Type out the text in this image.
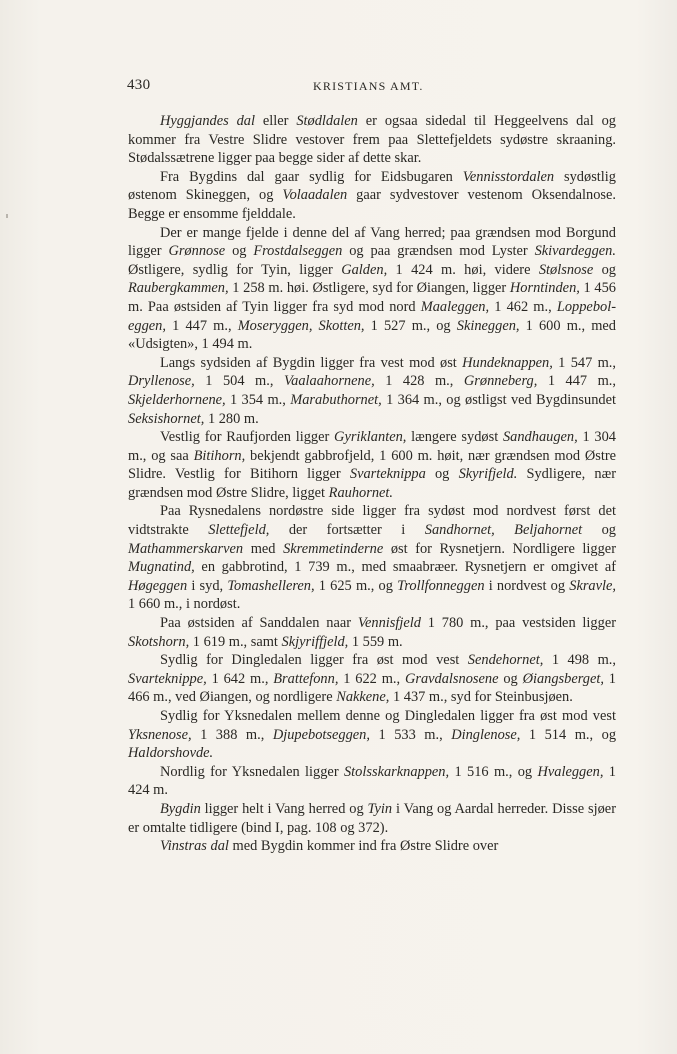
430	KRISTIANS AMT.

Hyggjandes dal eller Stødldalen er ogsaa sidedal til Heggeelvens dal og kommer fra Vestre Slidre vestover frem paa Slettefjeldets sydøstre skraaning. Stødalssætrene ligger paa begge sider af dette skar.

Fra Bygdins dal gaar sydlig for Eidsbugaren Vennisstordalen sydøstlig østenom Skineggen, og Volaadalen gaar sydvestover vestenom Oksendalnose. Begge er ensomme fjelddale.

Der er mange fjelde i denne del af Vang herred; paa grændsen mod Borgund ligger Grønnose og Frostdalseggen og paa grændsen mod Lyster Skivardeggen. Østligere, sydlig for Tyin, ligger Galden, 1 424 m. høi, videre Stølsnose og Raubergkammen, 1 258 m. høi. Østligere, syd for Øiangen, ligger Horntinden, 1 456 m. Paa østsiden af Tyin ligger fra syd mod nord Maaleggen, 1 462 m., Loppeboleggen, 1 447 m., Moseryggen, Skotten, 1 527 m., og Skineggen, 1 600 m., med «Udsigten», 1 494 m.

Langs sydsiden af Bygdin ligger fra vest mod øst Hundeknappen, 1 547 m., Dryllenose, 1 504 m., Vaalaahornene, 1 428 m., Grønneberg, 1 447 m., Skjelderhornene, 1 354 m., Marabuthornet, 1 364 m., og østligst ved Bygdinsundet Seksishornet, 1 280 m.

Vestlig for Raufjorden ligger Gyriklanten, længere sydøst Sandhaugen, 1 304 m., og saa Bitihorn, bekjendt gabbrofjeld, 1 600 m. høit, nær grændsen mod Østre Slidre. Vestlig for Bitihorn ligger Svarteknippa og Skyrifjeld. Sydligere, nær grændsen mod Østre Slidre, ligget Rauhornet.

Paa Rysnedalens nordøstre side ligger fra sydøst mod nordvest først det vidtstrakte Slettefjeld, der fortsætter i Sandhornet, Beljahornet og Mathammerskarven med Skremmetinderne øst for Rysnetjern. Nordligere ligger Mugnatind, en gabbrotind, 1 739 m., med smaabræer. Rysnetjern er omgivet af Høgeggen i syd, Tomashelleren, 1 625 m., og Trollfonneggen i nordvest og Skravle, 1 660 m., i nordøst.

Paa østsiden af Sanddalen naar Vennisfjeld 1 780 m., paa vestsiden ligger Skotshorn, 1 619 m., samt Skjyriffjeld, 1 559 m.

Sydlig for Dingledalen ligger fra øst mod vest Sendehornet, 1 498 m., Svarteknippe, 1 642 m., Brattefonn, 1 622 m., Gravdalsnosene og Øiangsberget, 1 466 m., ved Øiangen, og nordligere Nakkene, 1 437 m., syd for Steinbusjøen.

Sydlig for Yksnedalen mellem denne og Dingledalen ligger fra øst mod vest Yksnenose, 1 388 m., Djupebotseggen, 1 533 m., Dinglenose, 1 514 m., og Haldorshovde.

Nordlig for Yksnedalen ligger Stolsskarknappen, 1 516 m., og Hvaleggen, 1 424 m.

Bygdin ligger helt i Vang herred og Tyin i Vang og Aardal herreder. Disse sjøer er omtalte tidligere (bind I, pag. 108 og 372).

Vinstras dal med Bygdin kommer ind fra Østre Slidre over
